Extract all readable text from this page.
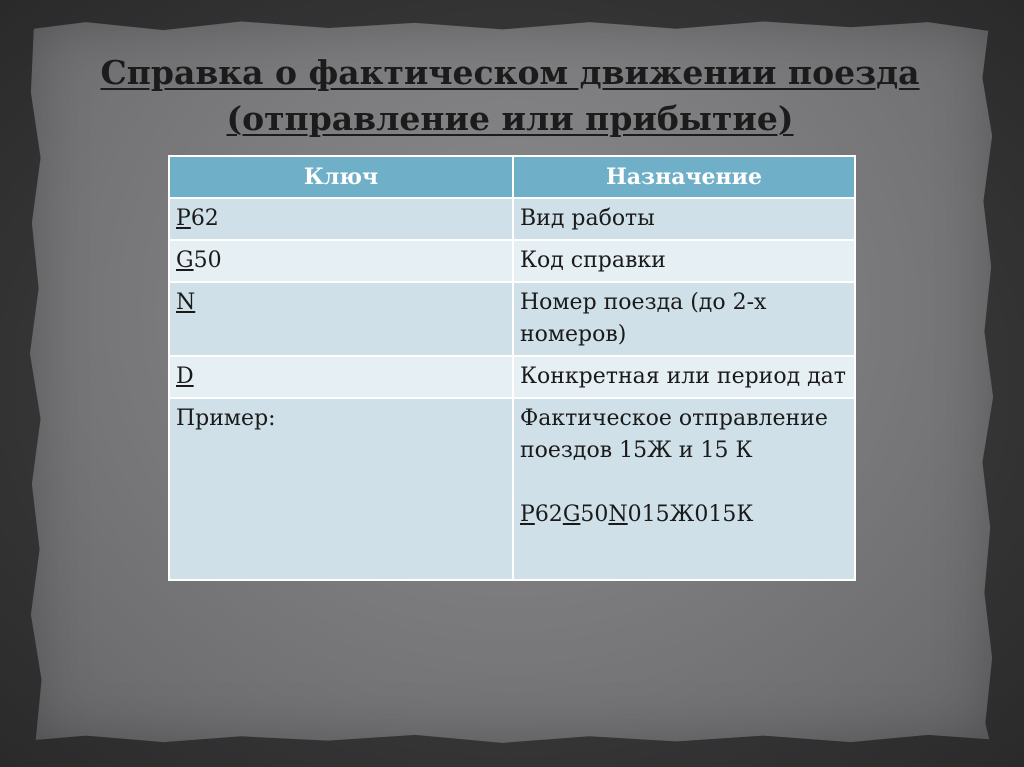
Справка о фактическом движении поезда
(отправление или прибытие)
Ключ	Назначение
P62	Вид работы
G50	Код справки
N	Номер поезда (до 2-х номеров)
D	Конкретная или период дат
Пример:	Фактическое отправление поездов 15Ж и 15 К
P62G50N015Ж015К
